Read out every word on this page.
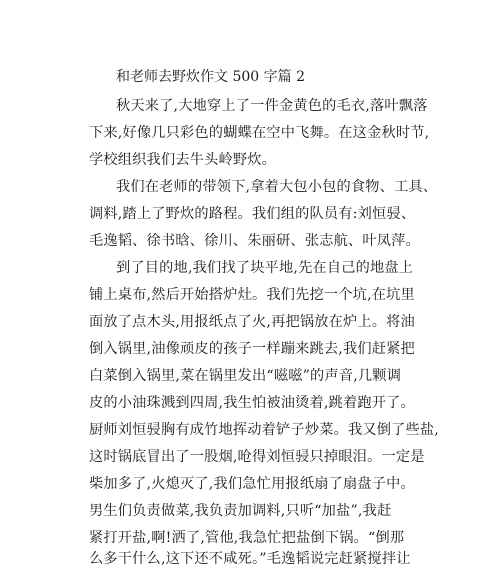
和老师去野炊作文 500 字篇 2
秋天来了,大地穿上了一件金黄色的毛衣,落叶飘落
下来,好像几只彩色的蝴蝶在空中飞舞。在这金秋时节,
学校组织我们去牛头岭野炊。
我们在老师的带领下,拿着大包小包的食物、工具、
调料,踏上了野炊的路程。我们组的队员有:刘恒骎、
毛逸韬、徐书晗、徐川、朱丽研、张志航、叶凤萍。
到了目的地,我们找了块平地,先在自己的地盘上
铺上桌布,然后开始搭炉灶。我们先挖一个坑,在坑里
面放了点木头,用报纸点了火,再把锅放在炉上。将油
倒入锅里,油像顽皮的孩子一样蹦来跳去,我们赶紧把
白菜倒入锅里,菜在锅里发出“嗞嗞”的声音,几颗调
皮的小油珠溅到四周,我生怕被油烫着,跳着跑开了。
厨师刘恒骎胸有成竹地挥动着铲子炒菜。我又倒了些盐,
这时锅底冒出了一股烟,呛得刘恒骎只掉眼泪。一定是
柴加多了,火熄灭了,我们急忙用报纸扇了扇盘子中。
男生们负责做菜,我负责加调料,只听“加盐”,我赶
紧打开盐,啊!洒了,管他,我急忙把盐倒下锅。“倒那
么多干什么,这下还不咸死。”毛逸韬说完赶紧搅拌让
